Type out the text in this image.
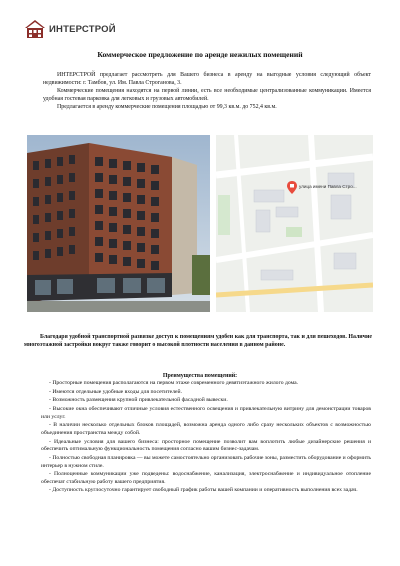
ИНТЕРСТРОЙ
Коммерческое предложение по аренде нежилых помещений

ИНТЕРСТРОЙ предлагает рассмотреть для Вашего бизнеса в аренду на выгодные условия следующий объект недвижимости: г. Тамбов, ул. Им. Павла Строганова, 3.

Коммерческие помещения находятся на первой линии, есть все необходимые централизованные коммуникации. Имеется удобная гостевая парковка для легковых и грузовых автомобилей.

Предлагается в аренду коммерческие помещения площадью от 99,3 кв.м. до 752,4 кв.м.

улица имени Павла Стро...

Благодаря удобной транспортной развязке доступ к помещениям удобен как для транспорта, так и для пешеходов. Наличие многоэтажной застройки вокруг также говорит о высокой плотности населения в данном районе.

Преимущества помещений:
- Просторные помещения располагаются на первом этаже современного девятиэтажного жилого дома.
- Имеются отдельные удобные входы для посетителей.
- Возможность размещения крупной привлекательной фасадной вывески.
- Высокие окна обеспечивают отличные условия естественного освещения и привлекательную витрину для демонстрации товаров или услуг.
- В наличии несколько отдельных блоков площадей, возможна аренда одного либо сразу нескольких объектов с возможностью объединения пространства между собой.
- Идеальные условия для вашего бизнеса: просторное помещение позволит вам воплотить любые дизайнерские решения и обеспечить оптимальную функциональность помещения согласно вашим бизнес-задачам.
- Полностью свободная планировка — вы можете самостоятельно организовать рабочие зоны, разместить оборудование и оформить интерьер в нужном стиле.
- Полноценные коммуникации уже подведены: водоснабжение, канализация, электроснабжение и индивидуальное отопление обеспечат стабильную работу вашего предприятия.
- Доступность круглосуточно гарантирует свободный график работы вашей компании и оперативность выполнения всех задач.
